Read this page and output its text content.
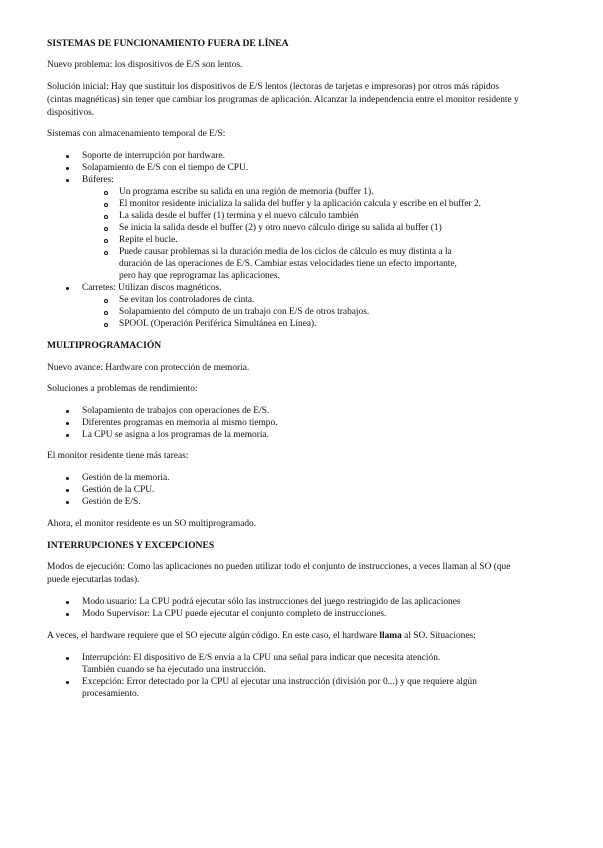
SISTEMAS DE FUNCIONAMIENTO FUERA DE LÍNEA
Nuevo problema: los dispositivos de E/S son lentos.
Solución inicial: Hay que sustituir los dispositivos de E/S lentos (lectoras de tarjetas e impresoras) por otros más rápidos
(cintas magnéticas) sin tener que cambiar los programas de aplicación. Alcanzar la independencia entre el monitor residente y
dispositivos.
Sistemas con almacenamiento temporal de E/S:
Soporte de interrupción por hardware.
Solapamiento de E/S con el tiempo de CPU.
Búferes:
Un programa escribe su salida en una región de memoria (buffer 1).
El monitor residente inicializa la salida del buffer y la aplicación calcula y escribe en el buffer 2.
La salida desde el buffer (1) termina y el nuevo cálculo también
Se inicia la salida desde el buffer (2) y otro nuevo cálculo dirige su salida al buffer (1)
Repite el bucle.
Puede causar problemas si la duración media de los ciclos de cálculo es muy distinta a la
duración de las operaciones de E/S. Cambiar estas velocidades tiene un efecto importante,
pero hay que reprogramar las aplicaciones.
Carretes: Utilizan discos magnéticos.
Se evitan los controladores de cinta.
Solapamiento del cómputo de un trabajo con E/S de otros trabajos.
SPOOL (Operación Periférica Simultánea en Línea).
MULTIPROGRAMACIÓN
Nuevo avance: Hardware con protección de memoria.
Soluciones a problemas de rendimiento:
Solapamiento de trabajos con operaciones de E/S.
Diferentes programas en memoria al mismo tiempo.
La CPU se asigna a los programas de la memoria.
El monitor residente tiene más tareas:
Gestión de la memoria.
Gestión de la CPU.
Gestión de E/S.
Ahora, el monitor residente es un SO multiprogramado.
INTERRUPCIONES Y EXCEPCIONES
Modos de ejecución: Como las aplicaciones no pueden utilizar todo el conjunto de instrucciones, a veces llaman al SO (que
puede ejecutarlas todas).
Modo usuario: La CPU podrá ejecutar sólo las instrucciones del juego restringido de las aplicaciones
Modo Supervisor: La CPU puede ejecutar el conjunto completo de instrucciones.
A veces, el hardware requiere que el SO ejecute algún código. En este caso, el hardware llama al SO. Situaciones:
Interrupción: El dispositivo de E/S envía a la CPU una señal para indicar que necesita atención.
También cuando se ha ejecutado una instrucción.
Excepción: Error detectado por la CPU al ejecutar una instrucción (división por 0...) y que requiere algún
procesamiento.
